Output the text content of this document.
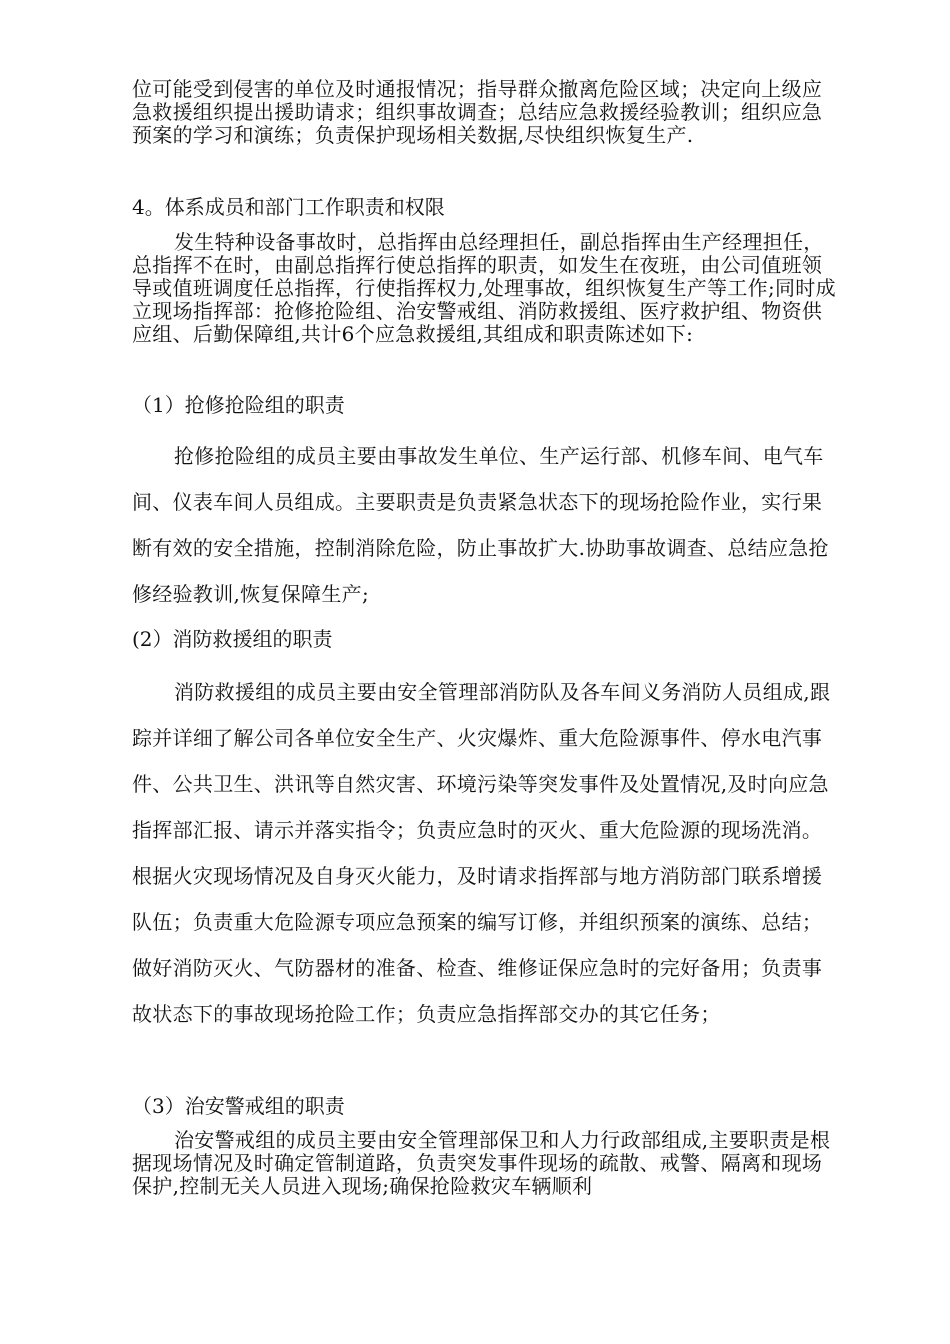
位可能受到侵害的单位及时通报情况；指导群众撤离危险区域；决定向上级应急救援组织提出援助请求；组织事故调查；总结应急救援经验教训；组织应急预案的学习和演练；负责保护现场相关数据,尽快组织恢复生产.

4。体系成员和部门工作职责和权限

发生特种设备事故时，总指挥由总经理担任，副总指挥由生产经理担任，总指挥不在时，由副总指挥行使总指挥的职责，如发生在夜班，由公司值班领导或值班调度任总指挥，行使指挥权力,处理事故，组织恢复生产等工作;同时成立现场指挥部：抢修抢险组、治安警戒组、消防救援组、医疗救护组、物资供应组、后勤保障组,共计6个应急救援组,其组成和职责陈述如下:

（1）抢修抢险组的职责

抢修抢险组的成员主要由事故发生单位、生产运行部、机修车间、电气车间、仪表车间人员组成。主要职责是负责紧急状态下的现场抢险作业，实行果断有效的安全措施，控制消除危险，防止事故扩大.协助事故调查、总结应急抢修经验教训,恢复保障生产;

(2）消防救援组的职责

消防救援组的成员主要由安全管理部消防队及各车间义务消防人员组成,跟踪并详细了解公司各单位安全生产、火灾爆炸、重大危险源事件、停水电汽事件、公共卫生、洪讯等自然灾害、环境污染等突发事件及处置情况,及时向应急指挥部汇报、请示并落实指令；负责应急时的灭火、重大危险源的现场洗消。根据火灾现场情况及自身灭火能力，及时请求指挥部与地方消防部门联系增援队伍；负责重大危险源专项应急预案的编写订修，并组织预案的演练、总结；做好消防灭火、气防器材的准备、检查、维修证保应急时的完好备用；负责事故状态下的事故现场抢险工作；负责应急指挥部交办的其它任务；

（3）治安警戒组的职责

治安警戒组的成员主要由安全管理部保卫和人力行政部组成,主要职责是根据现场情况及时确定管制道路，负责突发事件现场的疏散、戒警、隔离和现场保护,控制无关人员进入现场;确保抢险救灾车辆顺利
